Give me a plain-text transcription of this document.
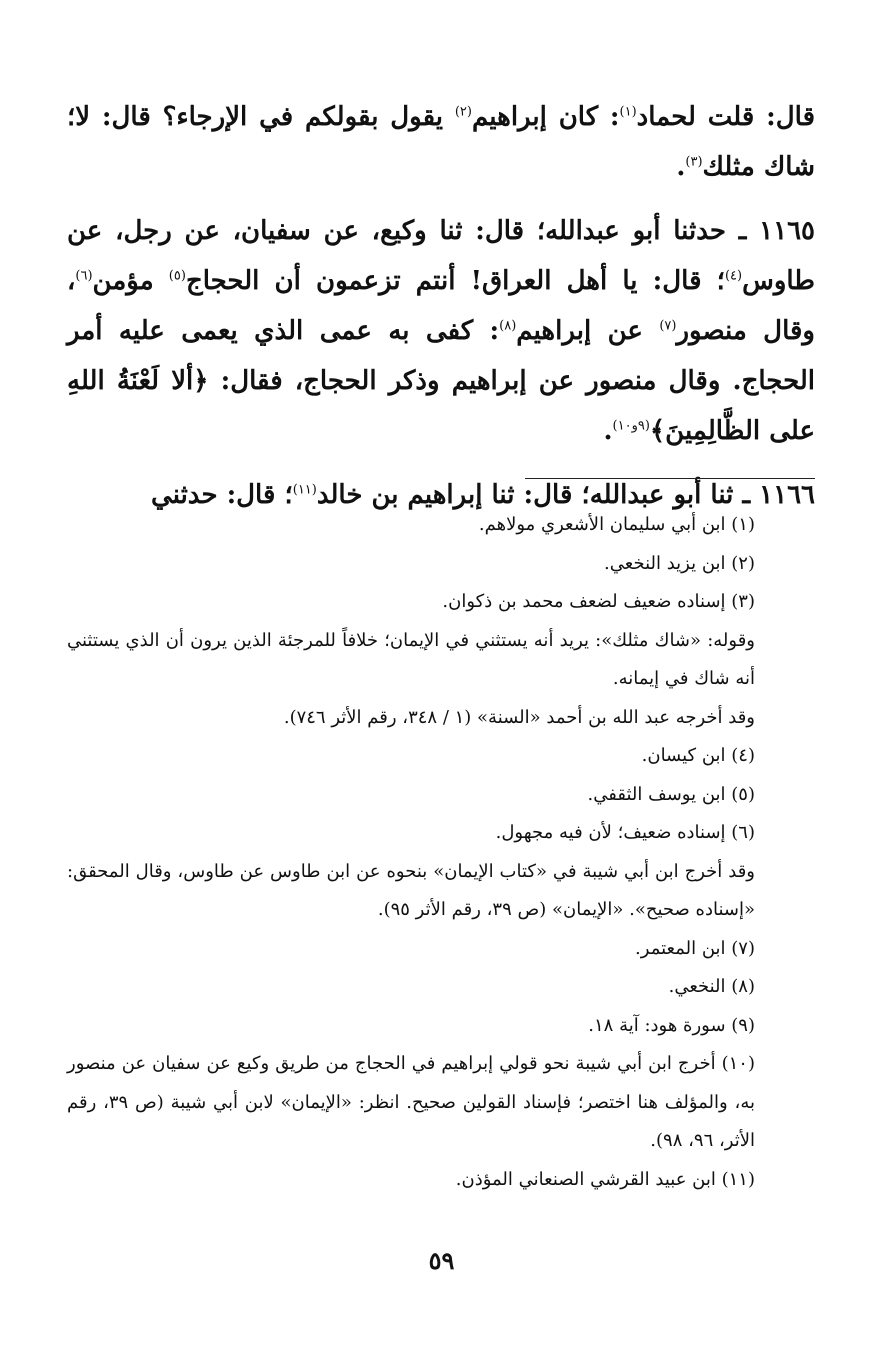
قال: قلت لحماد$^{(١)}$: كان إبراهيم$^{(٢)}$ يقول بقولكم في الإرجاء؟ قال: لا؛ شاك مثلك$^{(٣)}$.

١١٦٥ ـ حدثنا أبو عبدالله؛ قال: ثنا وكيع، عن سفيان، عن رجل، عن طاوس$^{(٤)}$؛ قال: يا أهل العراق! أنتم تزعمون أن الحجاج$^{(٥)}$ مؤمن$^{(٦)}$، وقال منصور$^{(٧)}$ عن إبراهيم$^{(٨)}$: كفى به عمى الذي يعمى عليه أمر الحجاج. وقال منصور عن إبراهيم وذكر الحجاج، فقال: ﴿ألا لَعْنَةُ اللهِ على الظَّالِمِينَ﴾$^{(٩و١٠)}$.

١١٦٦ ـ ثنا أبو عبدالله؛ قال: ثنا إبراهيم بن خالد$^{(١١)}$؛ قال: حدثني

(١) ابن أبي سليمان الأشعري مولاهم.

(٢) ابن يزيد النخعي.

(٣) إسناده ضعيف لضعف محمد بن ذكوان.

وقوله: «شاك مثلك»: يريد أنه يستثني في الإيمان؛ خلافاً للمرجئة الذين يرون أن الذي يستثني أنه شاك في إيمانه.

وقد أخرجه عبد الله بن أحمد «السنة» (١ / ٣٤٨، رقم الأثر ٧٤٦).

(٤) ابن كيسان.

(٥) ابن يوسف الثقفي.

(٦) إسناده ضعيف؛ لأن فيه مجهول.

وقد أخرج ابن أبي شيبة في «كتاب الإيمان» بنحوه عن ابن طاوس عن طاوس، وقال المحقق: «إسناده صحيح». «الإيمان» (ص ٣٩، رقم الأثر ٩٥).

(٧) ابن المعتمر.

(٨) النخعي.

(٩) سورة هود: آية ١٨.

(١٠) أخرج ابن أبي شيبة نحو قولي إبراهيم في الحجاج من طريق وكيع عن سفيان عن منصور به، والمؤلف هنا اختصر؛ فإسناد القولين صحيح. انظر: «الإيمان» لابن أبي شيبة (ص ٣٩، رقم الأثر، ٩٦، ٩٨).

(١١) ابن عبيد القرشي الصنعاني المؤذن.

٥٩
